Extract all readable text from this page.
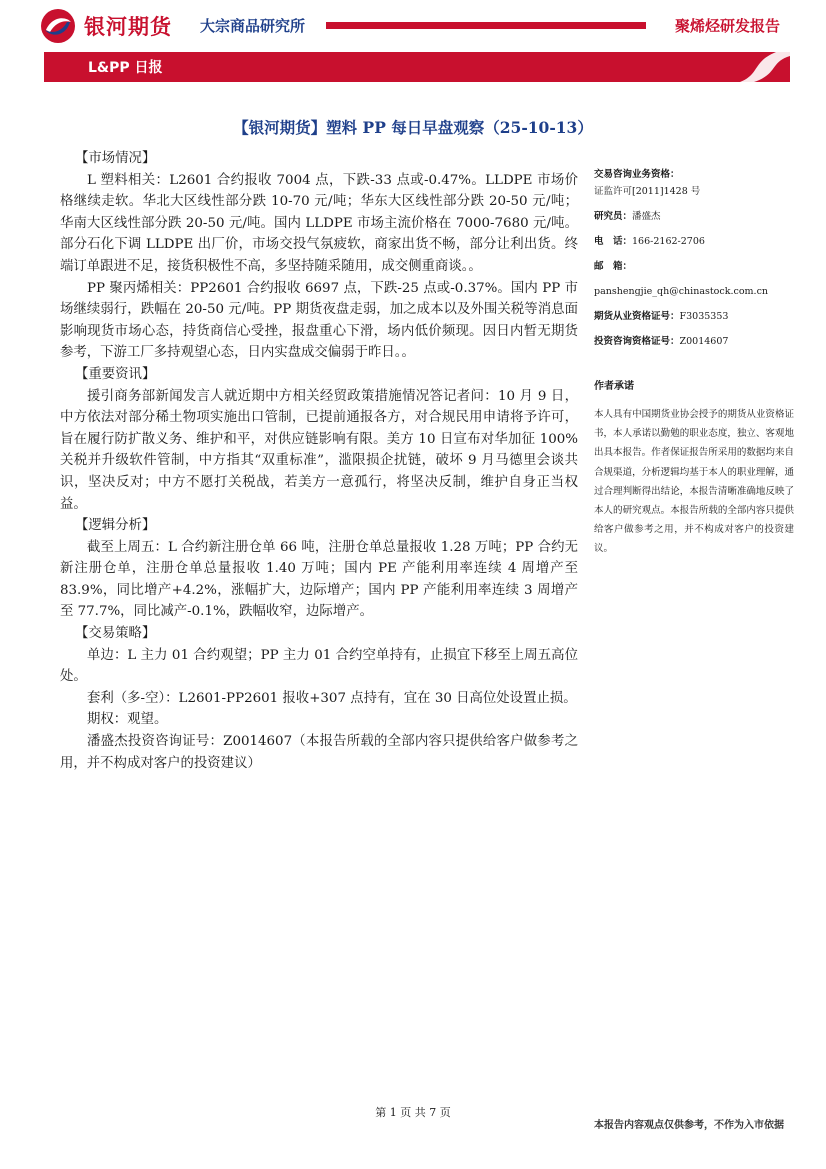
银河期货 大宗商品研究所	聚烯烃研发报告
L&PP 日报
【银河期货】塑料 PP 每日早盘观察（25-10-13）

【市场情况】

L 塑料相关：L2601 合约报收 7004 点，下跌-33 点或-0.47%。LLDPE 市场价格继续走软。华北大区线性部分跌 10-70 元/吨；华东大区线性部分跌 20-50 元/吨；华南大区线性部分跌 20-50 元/吨。国内 LLDPE 市场主流价格在 7000-7680 元/吨。部分石化下调 LLDPE 出厂价，市场交投气氛疲软，商家出货不畅，部分让利出货。终端订单跟进不足，接货积极性不高，多坚持随采随用，成交侧重商谈。。

PP 聚丙烯相关：PP2601 合约报收 6697 点，下跌-25 点或-0.37%。国内 PP 市场继续弱行，跌幅在 20-50 元/吨。PP 期货夜盘走弱，加之成本以及外围关税等消息面影响现货市场心态，持货商信心受挫，报盘重心下滑，场内低价频现。因日内暂无期货参考，下游工厂多持观望心态，日内实盘成交偏弱于昨日。。

【重要资讯】

援引商务部新闻发言人就近期中方相关经贸政策措施情况答记者问：10 月 9 日，中方依法对部分稀土物项实施出口管制，已提前通报各方，对合规民用申请将予许可，旨在履行防扩散义务、维护和平，对供应链影响有限。美方 10 日宣布对华加征 100%关税并升级软件管制，中方指其“双重标准”，滥限损企扰链，破坏 9 月马德里会谈共识，坚决反对；中方不愿打关税战，若美方一意孤行，将坚决反制，维护自身正当权益。

【逻辑分析】

截至上周五：L 合约新注册仓单 66 吨，注册仓单总量报收 1.28 万吨；PP 合约无新注册仓单，注册仓单总量报收 1.40 万吨；国内 PE 产能利用率连续 4 周增产至 83.9%，同比增产+4.2%，涨幅扩大，边际增产；国内 PP 产能利用率连续 3 周增产至 77.7%，同比减产-0.1%，跌幅收窄，边际增产。

【交易策略】

单边：L 主力 01 合约观望；PP 主力 01 合约空单持有，止损宜下移至上周五高位处。

套利（多-空）：L2601-PP2601 报收+307 点持有，宜在 30 日高位处设置止损。

期权：观望。

潘盛杰投资咨询证号：Z0014607（本报告所载的全部内容只提供给客户做参考之用，并不构成对客户的投资建议）

交易咨询业务资格：

证监许可[2011]1428 号

研究员：潘盛杰

电　话：166-2162-2706

邮　箱：

panshengjie_qh@chinastock.com.cn

期货从业资格证号：F3035353

投资咨询资格证号：Z0014607

作者承诺

本人具有中国期货业协会授予的期货从业资格证书，本人承诺以勤勉的职业态度，独立、客观地出具本报告。作者保证报告所采用的数据均来自合规渠道，分析逻辑均基于本人的职业理解，通过合理判断得出结论，本报告清晰准确地反映了本人的研究观点。本报告所载的全部内容只提供给客户做参考之用，并不构成对客户的投资建议。

第 1 页 共 7 页
本报告内容观点仅供参考，不作为入市依据
